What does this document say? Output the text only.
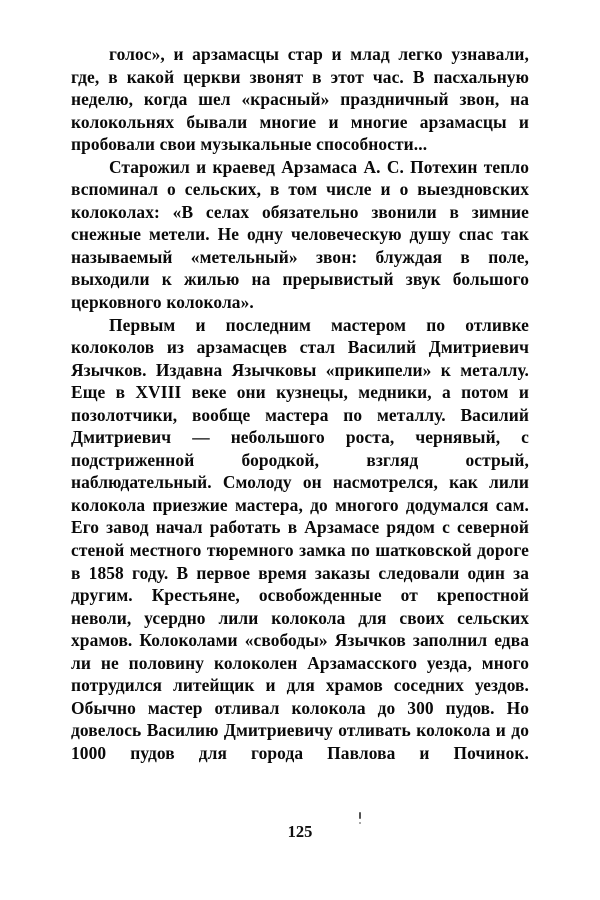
голос», и арзамасцы стар и млад легко узнавали, где, в какой церкви звонят в этот час. В пасхальную неделю, когда шел «красный» праздничный звон, на колокольнях бывали многие и многие арзамасцы и пробовали свои музыкальные способности...

Старожил и краевед Арзамаса А. С. Потехин тепло вспоминал о сельских, в том числе и о выездновских колоколах: «В селах обязательно звонили в зимние снежные метели. Не одну человеческую душу спас так называемый «метельный» звон: блуждая в поле, выходили к жилью на прерывистый звук большого церковного колокола».

Первым и последним мастером по отливке колоколов из арзамасцев стал Василий Дмитриевич Язычков. Издавна Язычковы «прикипели» к металлу. Еще в XVIII веке они кузнецы, медники, а потом и позолотчики, вообще мастера по металлу. Василий Дмитриевич — небольшого роста, чернявый, с подстриженной бородкой, взгляд острый, наблюдательный. Смолоду он насмотрелся, как лили колокола приезжие мастера, до многого додумался сам. Его завод начал работать в Арзамасе рядом с северной стеной местного тюремного замка по шатковской дороге в 1858 году. В первое время заказы следовали один за другим. Крестьяне, освобожденные от крепостной неволи, усердно лили колокола для своих сельских храмов. Колоколами «свободы» Язычков заполнил едва ли не половину колоколен Арзамасского уезда, много потрудился литейщик и для храмов соседних уездов. Обычно мастер отливал колокола до 300 пудов. Но довелось Василию Дмитриевичу отливать колокола и до 1000 пудов для города Павлова и Починок.

125
